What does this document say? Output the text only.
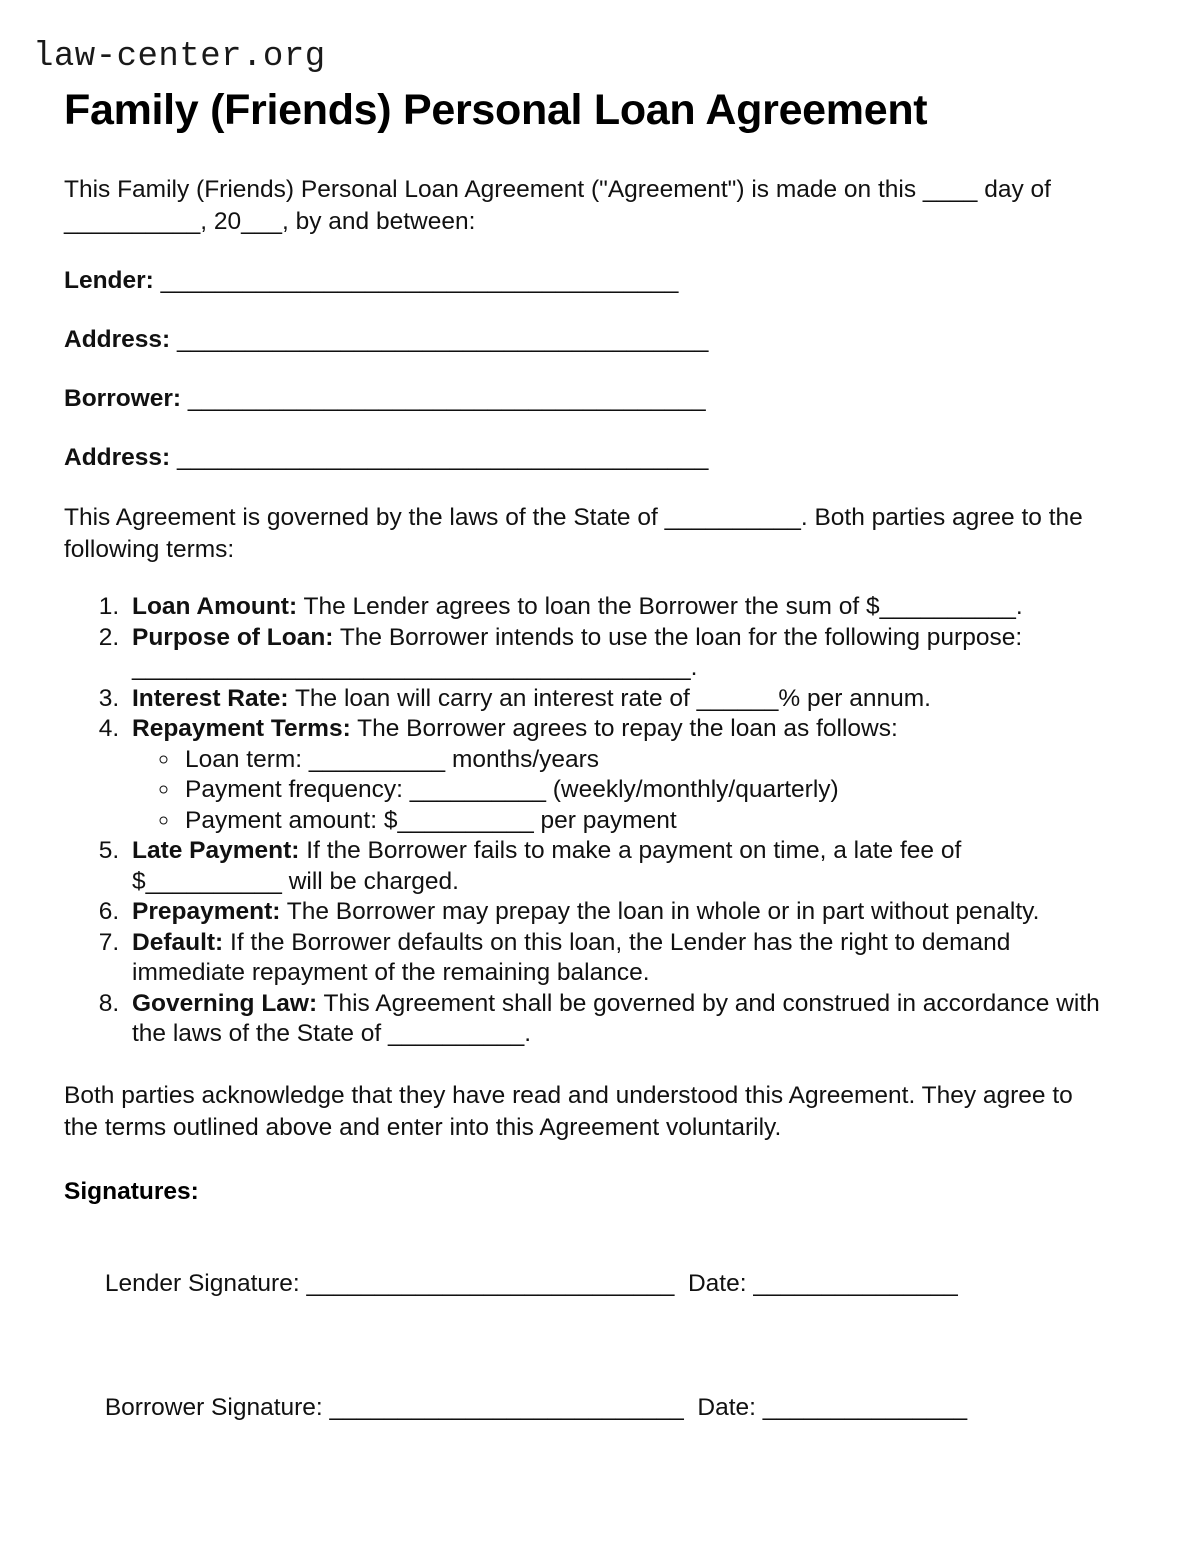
law-center.org
Family (Friends) Personal Loan Agreement

This Family (Friends) Personal Loan Agreement ("Agreement") is made on this ____ day of __________, 20___, by and between:

Lender: ______________________________________
Address: _______________________________________
Borrower: ______________________________________
Address: _______________________________________

This Agreement is governed by the laws of the State of __________. Both parties agree to the following terms:

1. Loan Amount: The Lender agrees to loan the Borrower the sum of $__________.
2. Purpose of Loan: The Borrower intends to use the loan for the following purpose: _________________________________________.
3. Interest Rate: The loan will carry an interest rate of ______% per annum.
4. Repayment Terms: The Borrower agrees to repay the loan as follows:
◦ Loan term: __________ months/years
◦ Payment frequency: __________ (weekly/monthly/quarterly)
◦ Payment amount: $__________ per payment
5. Late Payment: If the Borrower fails to make a payment on time, a late fee of $__________ will be charged.
6. Prepayment: The Borrower may prepay the loan in whole or in part without penalty.
7. Default: If the Borrower defaults on this loan, the Lender has the right to demand immediate repayment of the remaining balance.
8. Governing Law: This Agreement shall be governed by and construed in accordance with the laws of the State of __________.

Both parties acknowledge that they have read and understood this Agreement. They agree to the terms outlined above and enter into this Agreement voluntarily.

Signatures:

Lender Signature: ___________________________  Date: _______________

Borrower Signature: __________________________  Date: _______________
